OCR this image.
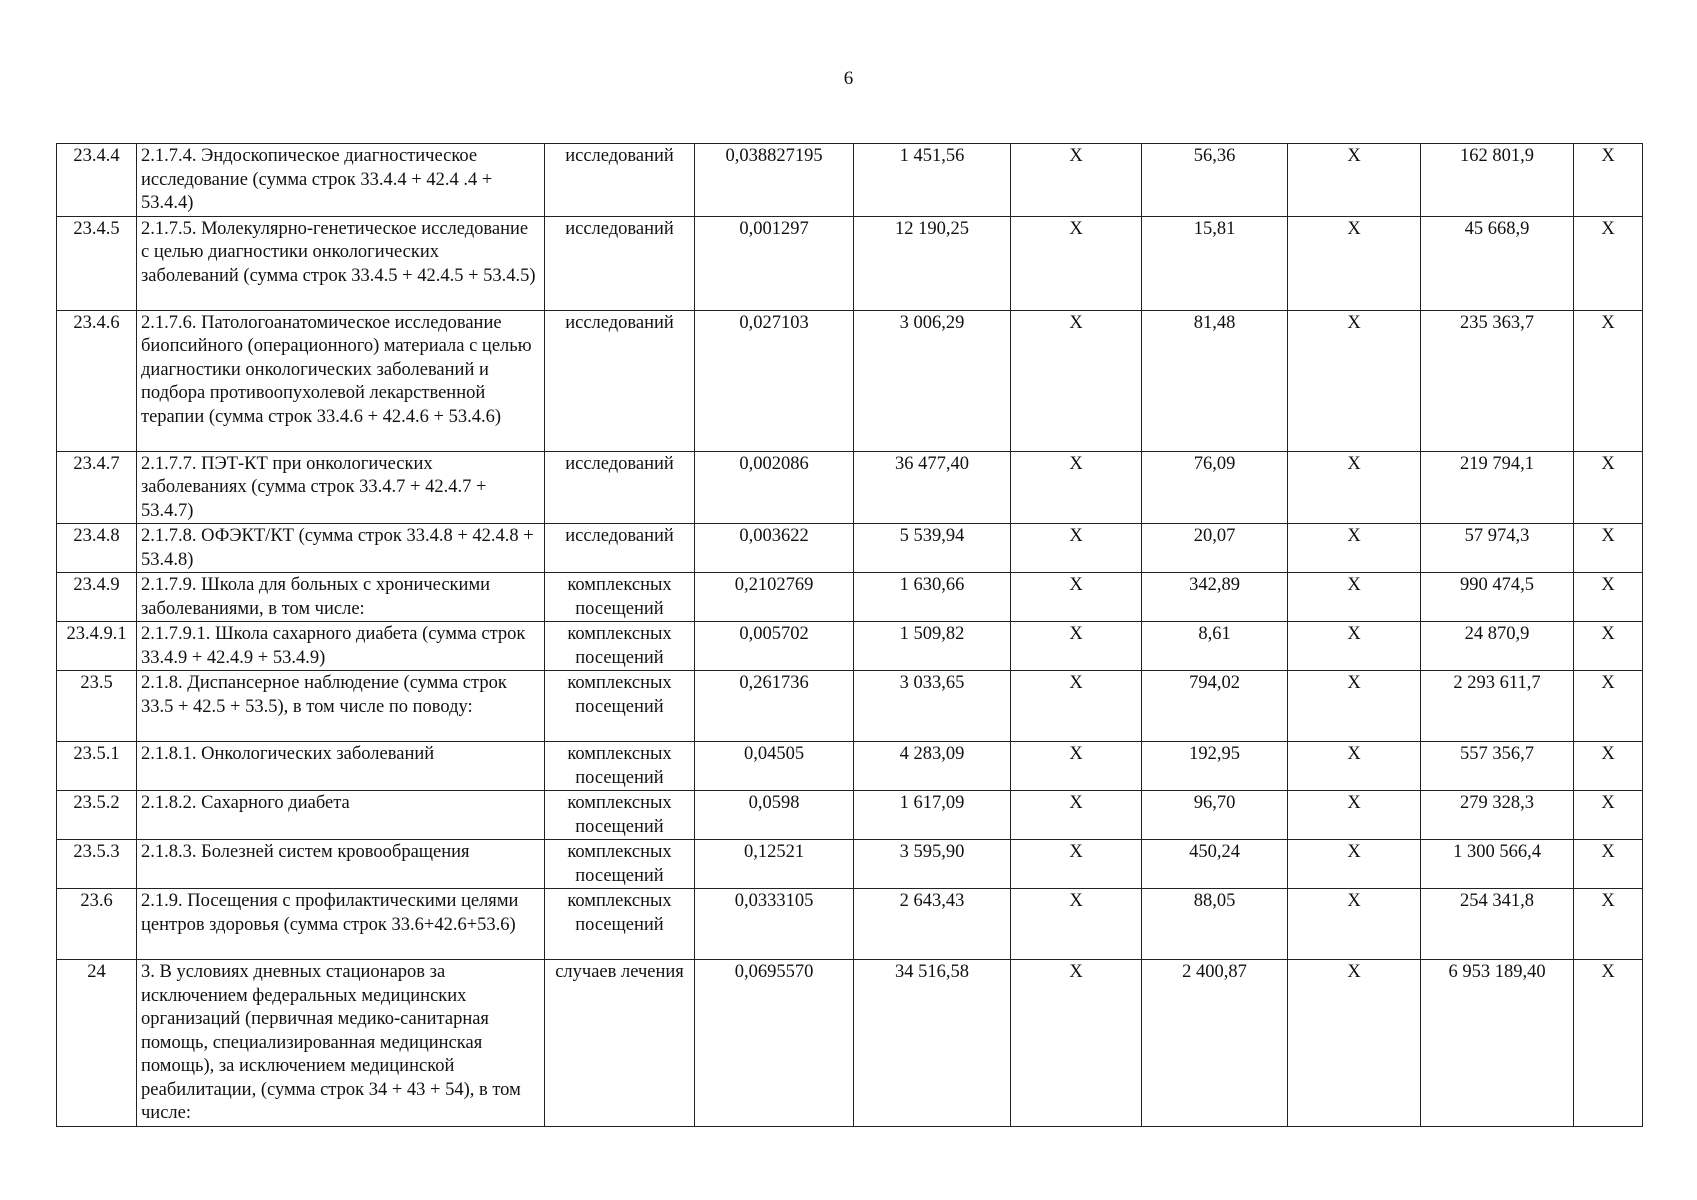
6
23.4.4	2.1.7.4. Эндоскопическое диагностическое исследование (сумма строк 33.4.4 + 42.4 .4 + 53.4.4)	исследований	0,038827195	1 451,56	X	56,36	X	162 801,9	X
23.4.5	2.1.7.5. Молекулярно-генетическое исследование с целью диагностики онкологических заболеваний (сумма строк 33.4.5 + 42.4.5 + 53.4.5)	исследований	0,001297	12 190,25	X	15,81	X	45 668,9	X
23.4.6	2.1.7.6. Патологоанатомическое исследование биопсийного (операционного) материала с целью диагностики онкологических заболеваний и подбора противоопухолевой лекарственной терапии (сумма строк 33.4.6 + 42.4.6 + 53.4.6)	исследований	0,027103	3 006,29	X	81,48	X	235 363,7	X
23.4.7	2.1.7.7. ПЭТ-КТ при онкологических заболеваниях (сумма строк 33.4.7 + 42.4.7 + 53.4.7)	исследований	0,002086	36 477,40	X	76,09	X	219 794,1	X
23.4.8	2.1.7.8. ОФЭКТ/КТ (сумма строк 33.4.8 + 42.4.8 + 53.4.8)	исследований	0,003622	5 539,94	X	20,07	X	57 974,3	X
23.4.9	2.1.7.9. Школа для больных с хроническими заболеваниями, в том числе:	комплексных посещений	0,2102769	1 630,66	X	342,89	X	990 474,5	X
23.4.9.1	2.1.7.9.1. Школа сахарного диабета (сумма строк 33.4.9 + 42.4.9 + 53.4.9)	комплексных посещений	0,005702	1 509,82	X	8,61	X	24 870,9	X
23.5	2.1.8. Диспансерное наблюдение (сумма строк 33.5 + 42.5 + 53.5), в том числе по поводу:	комплексных посещений	0,261736	3 033,65	X	794,02	X	2 293 611,7	X
23.5.1	2.1.8.1. Онкологических заболеваний	комплексных посещений	0,04505	4 283,09	X	192,95	X	557 356,7	X
23.5.2	2.1.8.2. Сахарного диабета	комплексных посещений	0,0598	1 617,09	X	96,70	X	279 328,3	X
23.5.3	2.1.8.3. Болезней систем кровообращения	комплексных посещений	0,12521	3 595,90	X	450,24	X	1 300 566,4	X
23.6	2.1.9. Посещения с профилактическими целями центров здоровья (сумма строк 33.6+42.6+53.6)	комплексных посещений	0,0333105	2 643,43	X	88,05	X	254 341,8	X
24	3. В условиях дневных стационаров за исключением федеральных медицинских организаций (первичная медико-санитарная помощь, специализированная медицинская помощь), за исключением медицинской реабилитации, (сумма строк 34 + 43 + 54), в том числе:	случаев лечения	0,0695570	34 516,58	X	2 400,87	X	6 953 189,40	X
